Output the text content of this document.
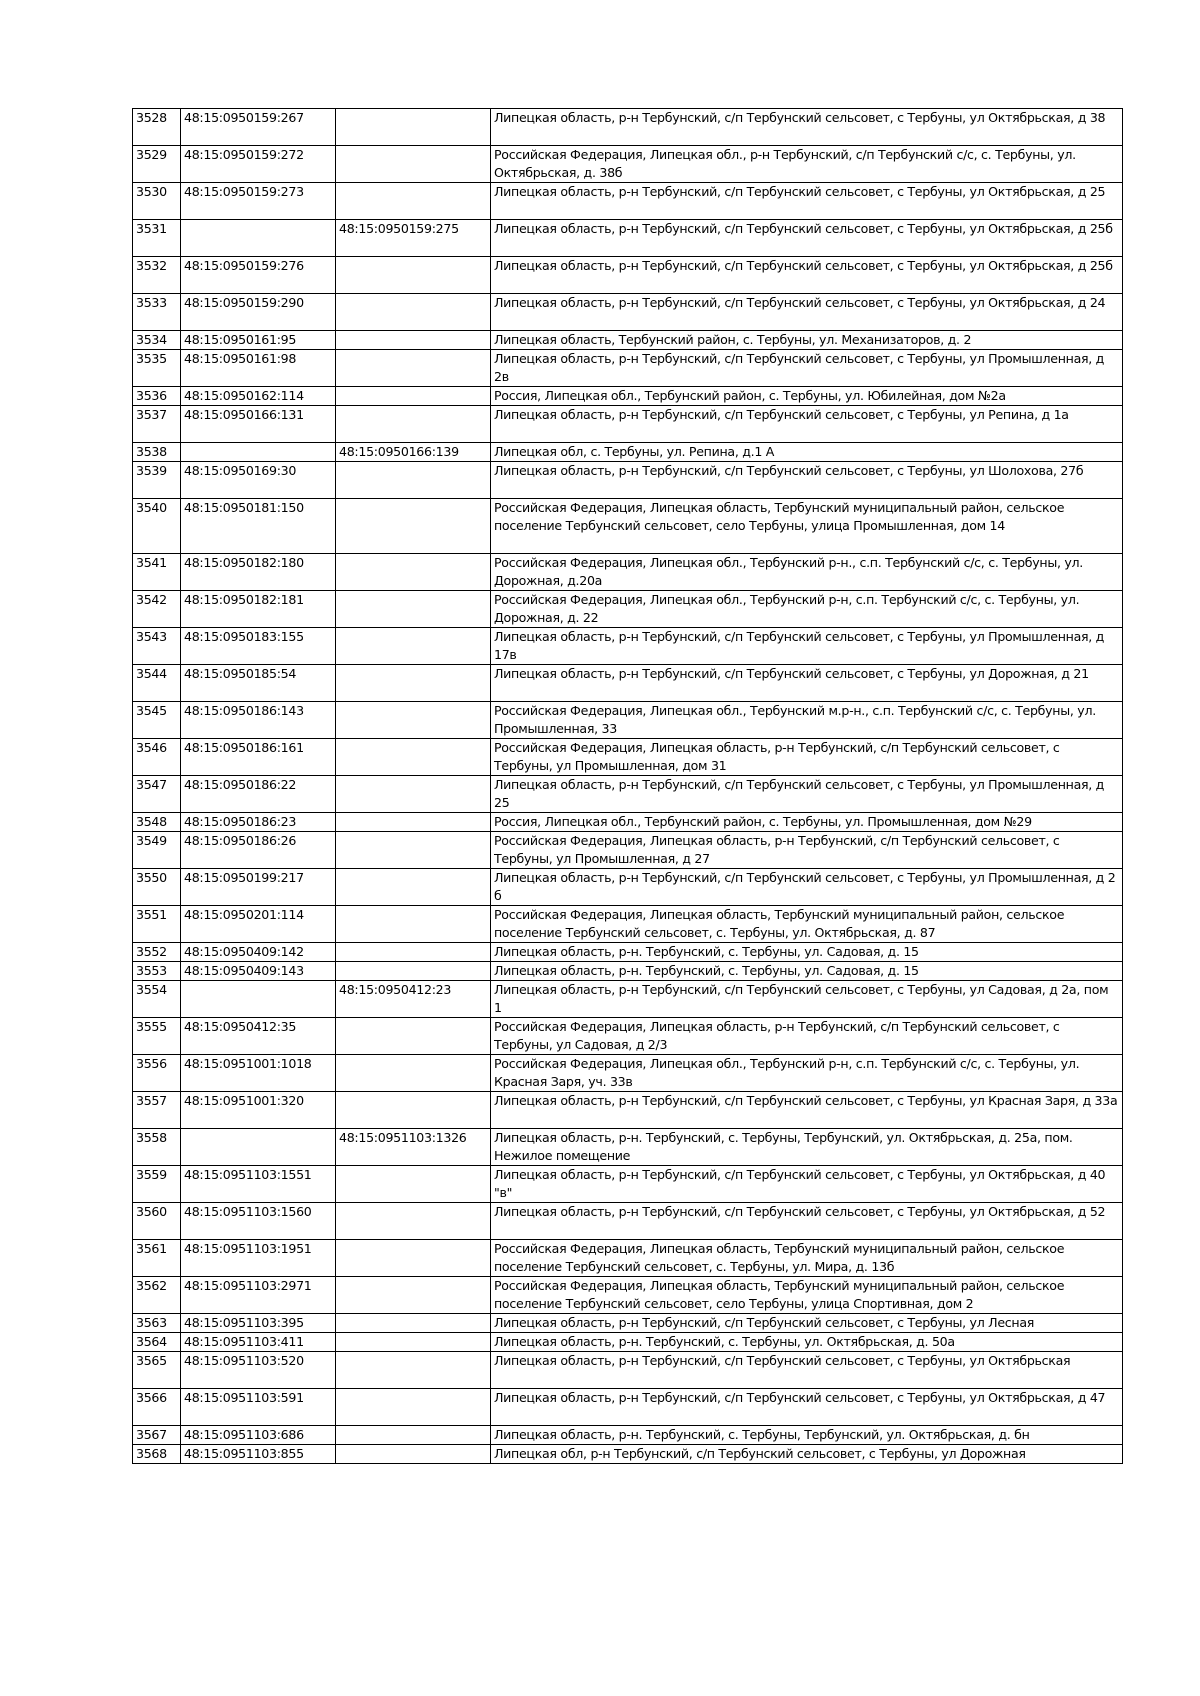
3528	48:15:0950159:267		Липецкая область, р-н Тербунский, с/п Тербунский сельсовет, с Тербуны, ул Октябрьская, д 38
3529	48:15:0950159:272		Российская Федерация, Липецкая обл., р-н Тербунский, с/п Тербунский с/с, с. Тербуны, ул. Октябрьская, д. 38б
3530	48:15:0950159:273		Липецкая область, р-н Тербунский, с/п Тербунский сельсовет, с Тербуны, ул Октябрьская, д 25
3531		48:15:0950159:275	Липецкая область, р-н Тербунский, с/п Тербунский сельсовет, с Тербуны, ул Октябрьская, д 25б
3532	48:15:0950159:276		Липецкая область, р-н Тербунский, с/п Тербунский сельсовет, с Тербуны, ул Октябрьская, д 25б
3533	48:15:0950159:290		Липецкая область, р-н Тербунский, с/п Тербунский сельсовет, с Тербуны, ул Октябрьская, д 24
3534	48:15:0950161:95		Липецкая область, Тербунский район, с. Тербуны, ул. Механизаторов, д. 2
3535	48:15:0950161:98		Липецкая область, р-н Тербунский, с/п Тербунский сельсовет, с Тербуны, ул Промышленная, д 2в
3536	48:15:0950162:114		Россия, Липецкая обл., Тербунский район, с. Тербуны, ул. Юбилейная, дом №2а
3537	48:15:0950166:131		Липецкая область, р-н Тербунский, с/п Тербунский сельсовет, с Тербуны, ул Репина, д 1а
3538		48:15:0950166:139	Липецкая обл, с. Тербуны, ул. Репина, д.1 А
3539	48:15:0950169:30		Липецкая область, р-н Тербунский, с/п Тербунский сельсовет, с Тербуны, ул Шолохова, 27б
3540	48:15:0950181:150		Российская Федерация, Липецкая область, Тербунский муниципальный район, сельское поселение Тербунский сельсовет, село Тербуны, улица Промышленная, дом 14
3541	48:15:0950182:180		Российская Федерация, Липецкая обл., Тербунский р-н., с.п. Тербунский с/с, с. Тербуны, ул. Дорожная, д.20а
3542	48:15:0950182:181		Российская Федерация, Липецкая обл., Тербунский р-н, с.п. Тербунский с/с, с. Тербуны, ул. Дорожная, д. 22
3543	48:15:0950183:155		Липецкая область, р-н Тербунский, с/п Тербунский сельсовет, с Тербуны, ул Промышленная, д 17в
3544	48:15:0950185:54		Липецкая область, р-н Тербунский, с/п Тербунский сельсовет, с Тербуны, ул Дорожная, д 21
3545	48:15:0950186:143		Российская Федерация, Липецкая обл., Тербунский м.р-н., с.п. Тербунский с/с, с. Тербуны, ул. Промышленная, 33
3546	48:15:0950186:161		Российская Федерация, Липецкая область, р-н Тербунский, с/п Тербунский сельсовет, с Тербуны, ул Промышленная, дом 31
3547	48:15:0950186:22		Липецкая область, р-н Тербунский, с/п Тербунский сельсовет, с Тербуны, ул Промышленная, д 25
3548	48:15:0950186:23		Россия, Липецкая обл., Тербунский район, с. Тербуны, ул. Промышленная, дом №29
3549	48:15:0950186:26		Российская Федерация, Липецкая область, р-н Тербунский, с/п Тербунский сельсовет, с Тербуны, ул Промышленная, д 27
3550	48:15:0950199:217		Липецкая область, р-н Тербунский, с/п Тербунский сельсовет, с Тербуны, ул Промышленная, д 2 б
3551	48:15:0950201:114		Российская Федерация, Липецкая область, Тербунский муниципальный район, сельское поселение Тербунский сельсовет, с. Тербуны, ул. Октябрьская, д. 87
3552	48:15:0950409:142		Липецкая область, р-н. Тербунский, с. Тербуны, ул. Садовая, д. 15
3553	48:15:0950409:143		Липецкая область, р-н. Тербунский, с. Тербуны, ул. Садовая, д. 15
3554		48:15:0950412:23	Липецкая область, р-н Тербунский, с/п Тербунский сельсовет, с Тербуны, ул Садовая, д 2а, пом 1
3555	48:15:0950412:35		Российская Федерация, Липецкая область, р-н Тербунский, с/п Тербунский сельсовет, с Тербуны, ул Садовая, д 2/3
3556	48:15:0951001:1018		Российская Федерация, Липецкая обл., Тербунский р-н, с.п. Тербунский с/с, с. Тербуны, ул. Красная Заря, уч. 33в
3557	48:15:0951001:320		Липецкая область, р-н Тербунский, с/п Тербунский сельсовет, с Тербуны, ул Красная Заря, д 33а
3558		48:15:0951103:1326	Липецкая область, р-н. Тербунский, с. Тербуны, Тербунский, ул. Октябрьская, д. 25а, пом. Нежилое помещение
3559	48:15:0951103:1551		Липецкая область, р-н Тербунский, с/п Тербунский сельсовет, с Тербуны, ул Октябрьская, д 40 "в"
3560	48:15:0951103:1560		Липецкая область, р-н Тербунский, с/п Тербунский сельсовет, с Тербуны, ул Октябрьская, д 52
3561	48:15:0951103:1951		Российская Федерация, Липецкая область, Тербунский муниципальный район, сельское поселение Тербунский сельсовет, с. Тербуны, ул. Мира, д. 13б
3562	48:15:0951103:2971		Российская Федерация, Липецкая область, Тербунский муниципальный район, сельское поселение Тербунский сельсовет, село Тербуны, улица Спортивная, дом 2
3563	48:15:0951103:395		Липецкая область, р-н Тербунский, с/п Тербунский сельсовет, с Тербуны, ул Лесная
3564	48:15:0951103:411		Липецкая область, р-н. Тербунский, с. Тербуны, ул. Октябрьская, д. 50а
3565	48:15:0951103:520		Липецкая область, р-н Тербунский, с/п Тербунский сельсовет, с Тербуны, ул Октябрьская
3566	48:15:0951103:591		Липецкая область, р-н Тербунский, с/п Тербунский сельсовет, с Тербуны, ул Октябрьская, д 47
3567	48:15:0951103:686		Липецкая область, р-н. Тербунский, с. Тербуны, Тербунский, ул. Октябрьская, д. бн
3568	48:15:0951103:855		Липецкая обл, р-н Тербунский, с/п Тербунский сельсовет, с Тербуны, ул Дорожная
